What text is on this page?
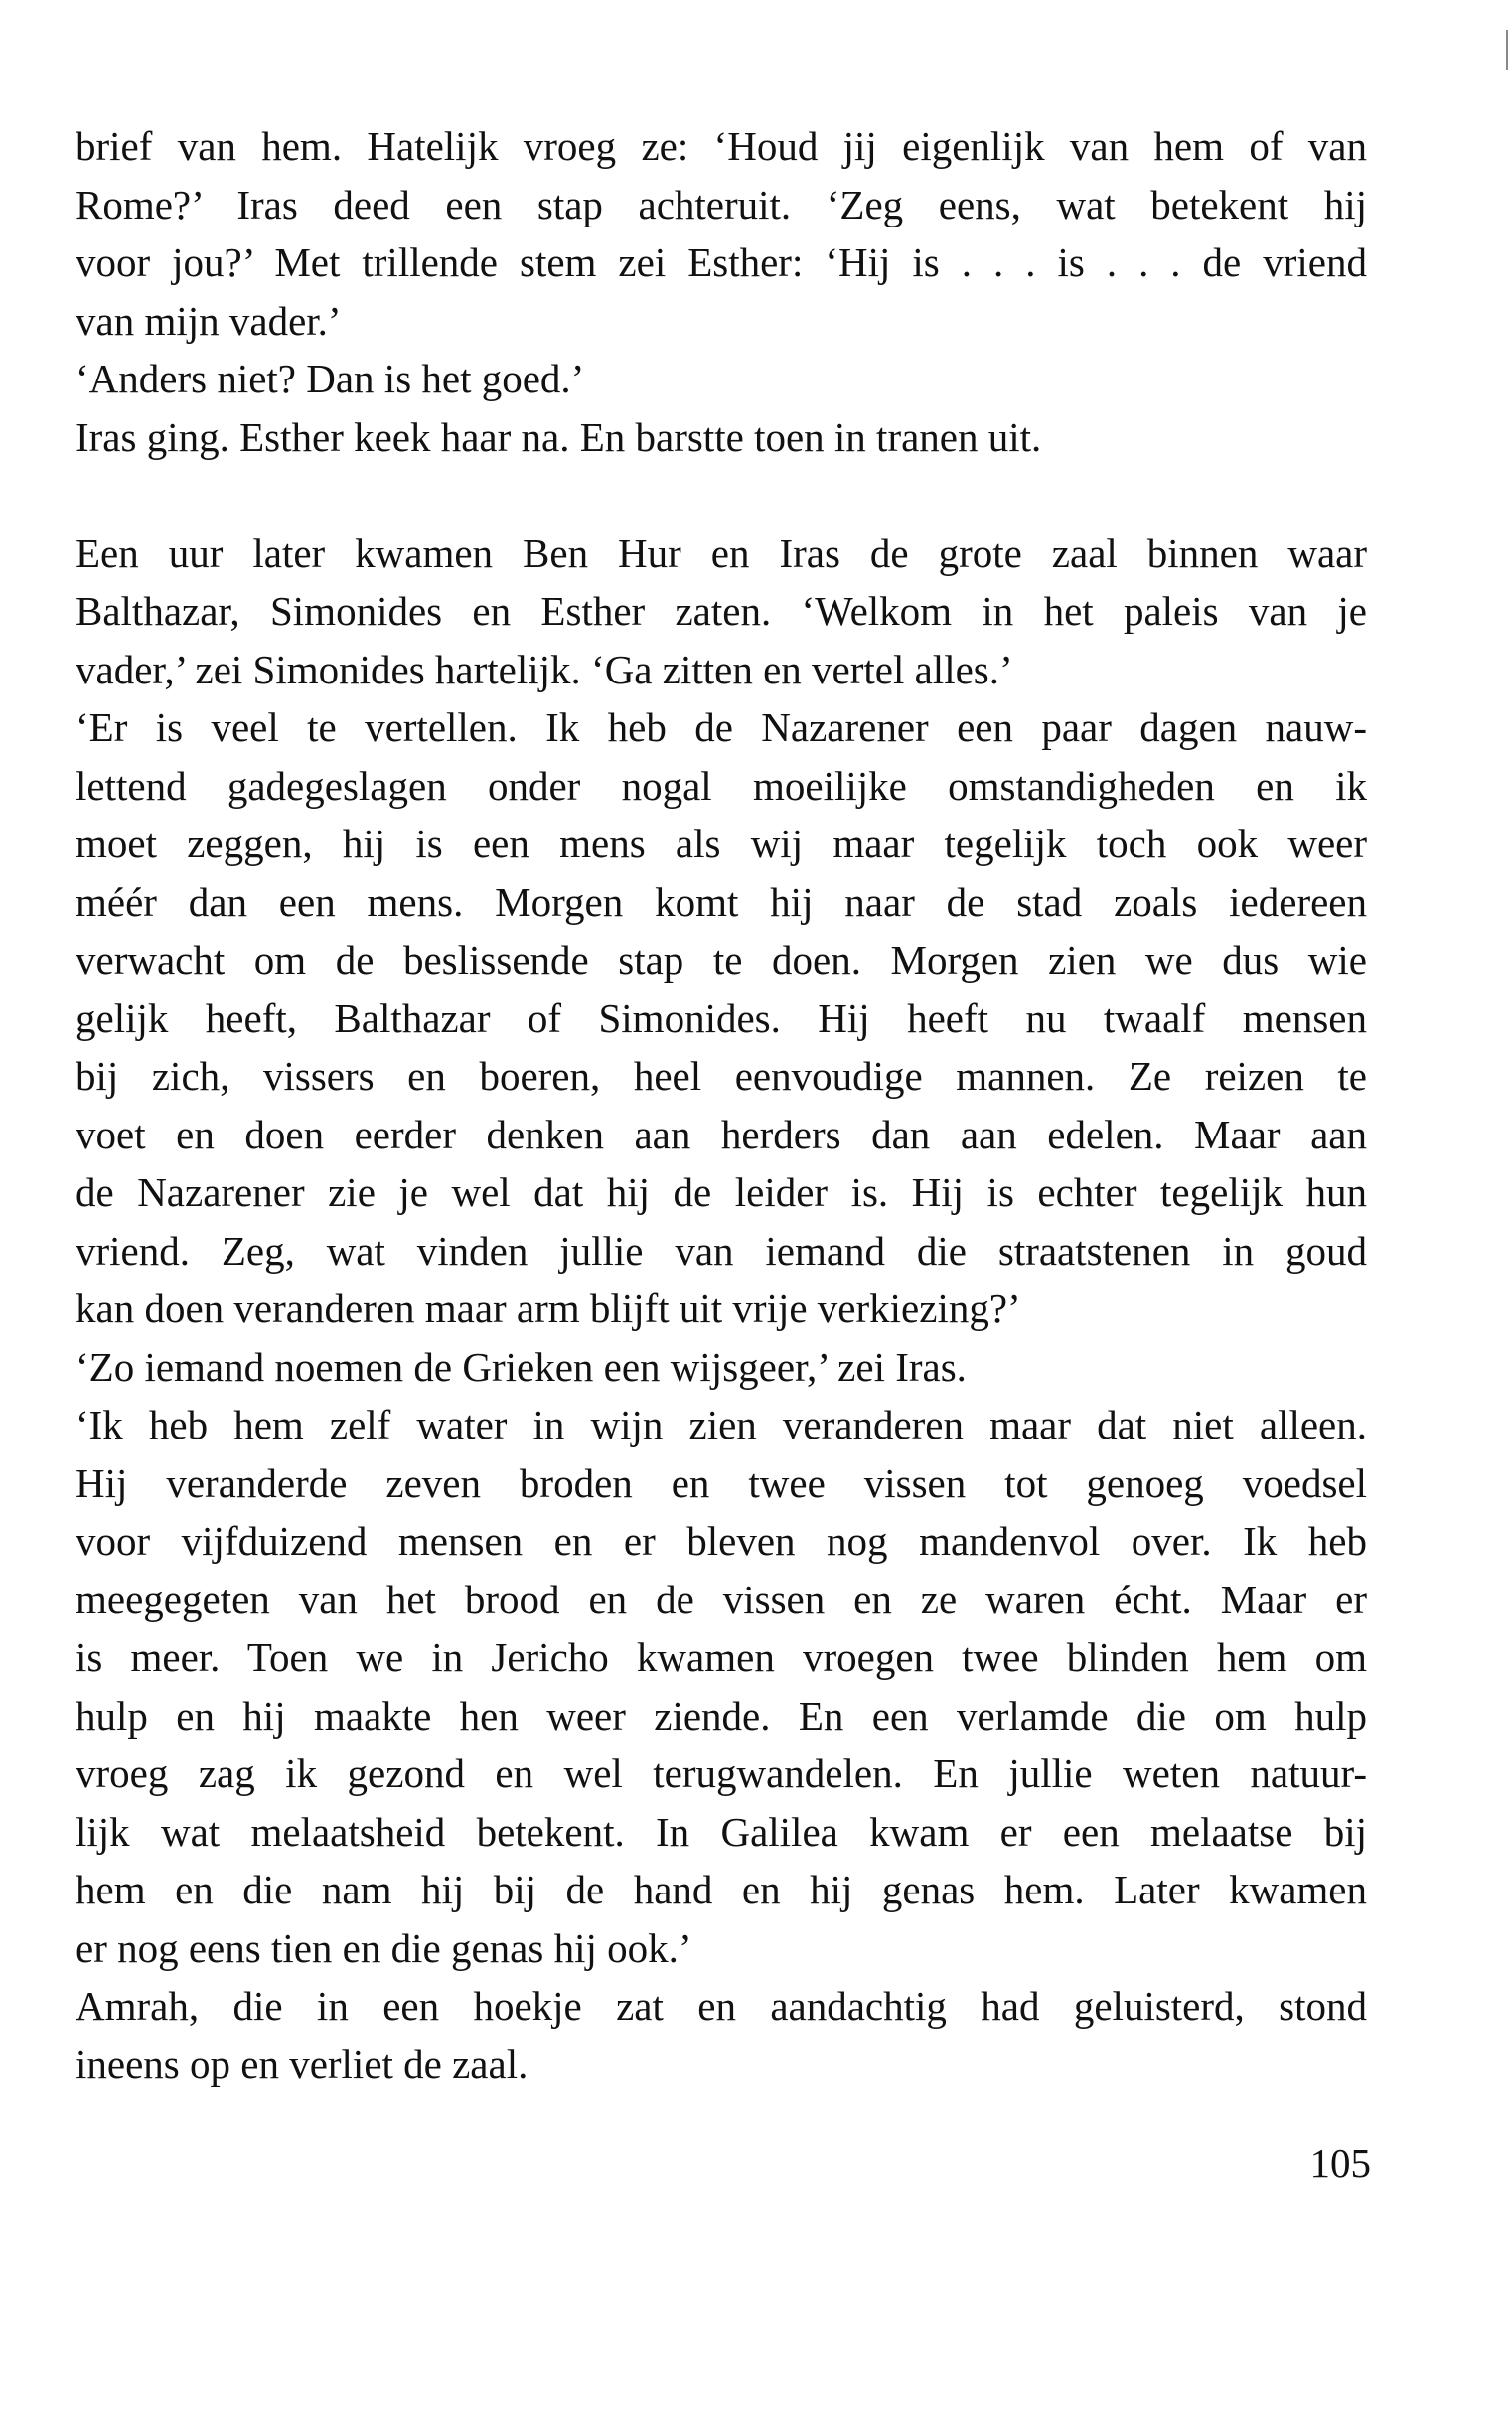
brief van hem. Hatelijk vroeg ze: ‘Houd jij eigenlijk van hem of van
Rome?’ Iras deed een stap achteruit. ‘Zeg eens, wat betekent hij
voor jou?’ Met trillende stem zei Esther: ‘Hij is . . . is . . . de vriend
van mijn vader.’
‘Anders niet? Dan is het goed.’
Iras ging. Esther keek haar na. En barstte toen in tranen uit.
Een uur later kwamen Ben Hur en Iras de grote zaal binnen waar
Balthazar, Simonides en Esther zaten. ‘Welkom in het paleis van je
vader,’ zei Simonides hartelijk. ‘Ga zitten en vertel alles.’
‘Er is veel te vertellen. Ik heb de Nazarener een paar dagen nauw-
lettend gadegeslagen onder nogal moeilijke omstandigheden en ik
moet zeggen, hij is een mens als wij maar tegelijk toch ook weer
méér dan een mens. Morgen komt hij naar de stad zoals iedereen
verwacht om de beslissende stap te doen. Morgen zien we dus wie
gelijk heeft, Balthazar of Simonides. Hij heeft nu twaalf mensen
bij zich, vissers en boeren, heel eenvoudige mannen. Ze reizen te
voet en doen eerder denken aan herders dan aan edelen. Maar aan
de Nazarener zie je wel dat hij de leider is. Hij is echter tegelijk hun
vriend. Zeg, wat vinden jullie van iemand die straatstenen in goud
kan doen veranderen maar arm blijft uit vrije verkiezing?’
‘Zo iemand noemen de Grieken een wijsgeer,’ zei Iras.
‘Ik heb hem zelf water in wijn zien veranderen maar dat niet alleen.
Hij veranderde zeven broden en twee vissen tot genoeg voedsel
voor vijfduizend mensen en er bleven nog mandenvol over. Ik heb
meegegeten van het brood en de vissen en ze waren écht. Maar er
is meer. Toen we in Jericho kwamen vroegen twee blinden hem om
hulp en hij maakte hen weer ziende. En een verlamde die om hulp
vroeg zag ik gezond en wel terugwandelen. En jullie weten natuur-
lijk wat melaatsheid betekent. In Galilea kwam er een melaatse bij
hem en die nam hij bij de hand en hij genas hem. Later kwamen
er nog eens tien en die genas hij ook.’
Amrah, die in een hoekje zat en aandachtig had geluisterd, stond
ineens op en verliet de zaal.
105
